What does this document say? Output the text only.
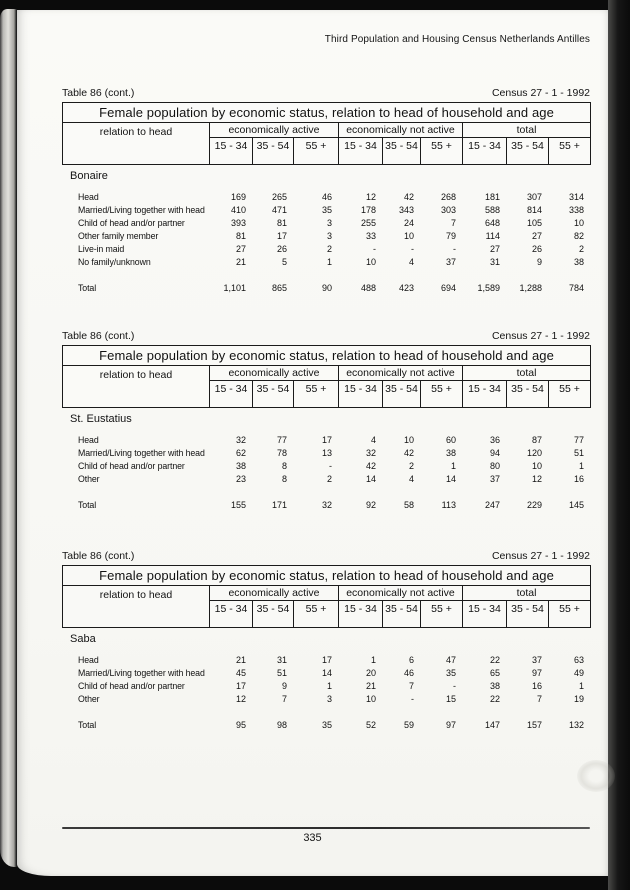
Third Population and Housing Census Netherlands Antilles
335
Table 86 (cont.)	Census 27 - 1 - 1992
Female population by economic status, relation to head of household and age									
relation to head	economically active			economically not active			total		
	15 - 34	35 - 54	55 +	15 - 34	35 - 54	55 +	15 - 34	35 - 54	55 +
Bonaire
Head	169	265	46	12	42	268	181	307	314
Married/Living together with head	410	471	35	178	343	303	588	814	338
Child of head and/or partner	393	81	3	255	24	7	648	105	10
Other family member	81	17	3	33	10	79	114	27	82
Live-in maid	27	26	2	-	-	-	27	26	2
No family/unknown	21	5	1	10	4	37	31	9	38

Total	1,101	865	90	488	423	694	1,589	1,288	784
Table 86 (cont.)	Census 27 - 1 - 1992
Female population by economic status, relation to head of household and age									
relation to head	economically active			economically not active			total		
	15 - 34	35 - 54	55 +	15 - 34	35 - 54	55 +	15 - 34	35 - 54	55 +
St. Eustatius
Head	32	77	17	4	10	60	36	87	77
Married/Living together with head	62	78	13	32	42	38	94	120	51
Child of head and/or partner	38	8	-	42	2	1	80	10	1
Other	23	8	2	14	4	14	37	12	16

Total	155	171	32	92	58	113	247	229	145
Table 86 (cont.)	Census 27 - 1 - 1992
Female population by economic status, relation to head of household and age									
relation to head	economically active			economically not active			total		
	15 - 34	35 - 54	55 +	15 - 34	35 - 54	55 +	15 - 34	35 - 54	55 +
Saba
Head	21	31	17	1	6	47	22	37	63
Married/Living together with head	45	51	14	20	46	35	65	97	49
Child of head and/or partner	17	9	1	21	7	-	38	16	1
Other	12	7	3	10	-	15	22	7	19

Total	95	98	35	52	59	97	147	157	132
